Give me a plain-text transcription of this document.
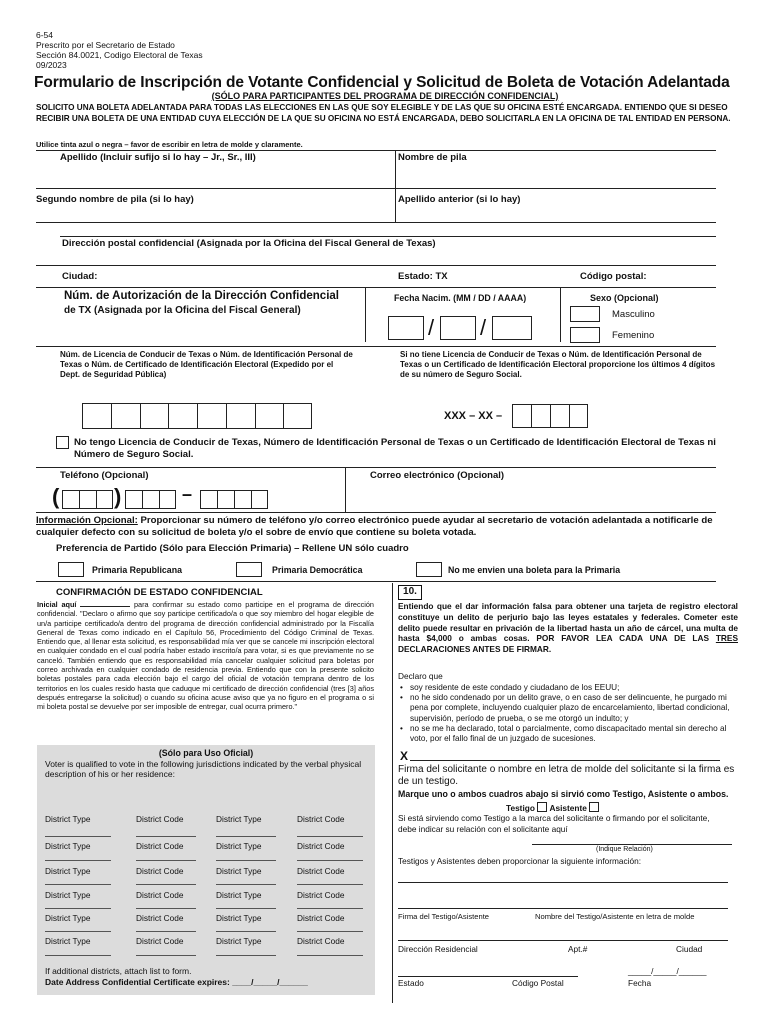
6-54
Prescrito por el Secretario de Estado
Sección 84.0021, Codigo Electoral de Texas
09/2023
Formulario de Inscripción de Votante Confidencial y Solicitud de Boleta de Votación Adelantada
(SÓLO PARA PARTICIPANTES DEL PROGRAMA DE DIRECCIÓN CONFIDENCIAL)
SOLICITO UNA BOLETA ADELANTADA PARA TODAS LAS ELECCIONES EN LAS QUE SOY ELEGIBLE Y DE LAS QUE SU OFICINA ESTÉ ENCARGADA. ENTIENDO QUE SI DESEO RECIBIR UNA BOLETA DE UNA ENTIDAD CUYA ELECCIÓN DE LA QUE SU OFICINA NO ESTÁ ENCARGADA, DEBO SOLICITARLA EN LA OFICINA DE TAL ENTIDAD EN PERSONA.
Utilice tinta azul o negra – favor de escribir en letra de molde y claramente.
Apellido (Incluir sufijo si lo hay – Jr., Sr., III)	Nombre de pila
Segundo nombre de pila (si lo hay)	Apellido anterior (si lo hay)
Dirección postal confidencial (Asignada por la Oficina del Fiscal General de Texas)
Ciudad:	Estado: TX	Código postal:
Núm. de Autorización de la Dirección Confidencial
de TX (Asignada por la Oficina del Fiscal General)
Fecha Nacim. (MM / DD / AAAA)	Sexo (Opcional)
/ /
Masculino
Femenino
Núm. de Licencia de Conducir de Texas o Núm. de Identificación Personal de Texas o Núm. de Certificado de Identificación Electoral (Expedido por el Dept. de Seguridad Pública)
Si no tiene Licencia de Conducir de Texas o Núm. de Identificación Personal de Texas o un Certificado de Identificación Electoral proporcione los últimos 4 dígitos de su número de Seguro Social.
XXX – XX –
No tengo Licencia de Conducir de Texas, Número de Identificación Personal de Texas o un Certificado de Identificación Electoral de Texas ni Número de Seguro Social.
Teléfono (Opcional)	Correo electrónico (Opcional)
( )	–
Información Opcional: Proporcionar su número de teléfono y/o correo electrónico puede ayudar al secretario de votación adelantada a notificarle de cualquier defecto con su solicitud de boleta y/o el sobre de envío que contiene su boleta votada.
Preferencia de Partido (Sólo para Elección Primaria) – Rellene UN sólo cuadro
Primaria Republicana	Primaria Democrática	No me envien una boleta para la Primaria
CONFIRMACIÓN DE ESTADO CONFIDENCIAL
Inicial aquí	para confirmar su estado como participe en el programa de dirección confidencial. "Declaro o afirmo que soy participe certificado/a o que soy miembro del hogar elegible de un/a participe certificado/a dentro del programa de dirección confidencial administrado por la Fiscalía General de Texas como indicado en el Capítulo 56, Procedimiento del Código Criminal de Texas. Entiendo que, al llenar esta solicitud, es responsabilidad mía ver que se cancele mi inscripción electoral en cualquier condado en el cual podría haber estado inscrito/a para votar, si es que previamente no se canceló. También entiendo que es responsabilidad mía cancelar cualquier solicitud para boletas por correo archivada en cualquier condado de residencia previa. Entiendo que con la presente solicito boletas postales para cada elección bajo el cargo del oficial de votación temprana dentro de los territorios en los cuales resido hasta que caduque mi certificado de dirección confidencial (tres [3] años después entregarse la solicitud) o cuando su oficina acuse aviso que ya no figuro en el programa o si mi boleta postal se devuelve por ser imposible de entregar, cual ocurra primero."
(Sólo para Uso Oficial)
Voter is qualified to vote in the following jurisdictions indicated by the verbal physical description of his or her residence:
District Type	District Code	District Type	District Code
District Type	District Code	District Type	District Code
District Type	District Code	District Type	District Code
District Type	District Code	District Type	District Code
District Type	District Code	District Type	District Code
District Type	District Code	District Type	District Code
If additional districts, attach list to form.
Date Address Confidential Certificate expires: ____/_____/______
10.
Entiendo que el dar información falsa para obtener una tarjeta de registro electoral constituye un delito de perjurio bajo las leyes estatales y federales. Cometer este delito puede resultar en privación de la libertad hasta un año de cárcel, una multa de hasta $4,000 o ambas cosas. POR FAVOR LEA CADA UNA DE LAS TRES DECLARACIONES ANTES DE FIRMAR.
Declaro que
• soy residente de este condado y ciudadano de los EEUU;
• no he sido condenado por un delito grave, o en caso de ser delincuente, he purgado mi pena por complete, incluyendo cualquier plazo de encarcelamiento, libertad condicional, supervisión, período de prueba, o se me otorgó un indulto; y
• no se me ha declarado, total o parcialmente, como discapacitado mental sin derecho al voto, por el fallo final de un juzgado de sucesiones.
X
Firma del solicitante o nombre en letra de molde del solicitante si la firma es de un testigo.
Marque uno o ambos cuadros abajo si sirvió como Testigo, Asistente o ambos.
Testigo Asistente
Si está sirviendo como Testigo a la marca del solicitante o firmando por el solicitante, debe indicar su relación con el solicitante aquí
(Indique Relación)
Testigos y Asistentes deben proporcionar la siguiente información:
Firma del Testigo/Asistente	Nombre del Testigo/Asistente en letra de molde
Dirección Residencial	Apt.#	Ciudad
_____/_____/______
Estado	Código Postal	Fecha
